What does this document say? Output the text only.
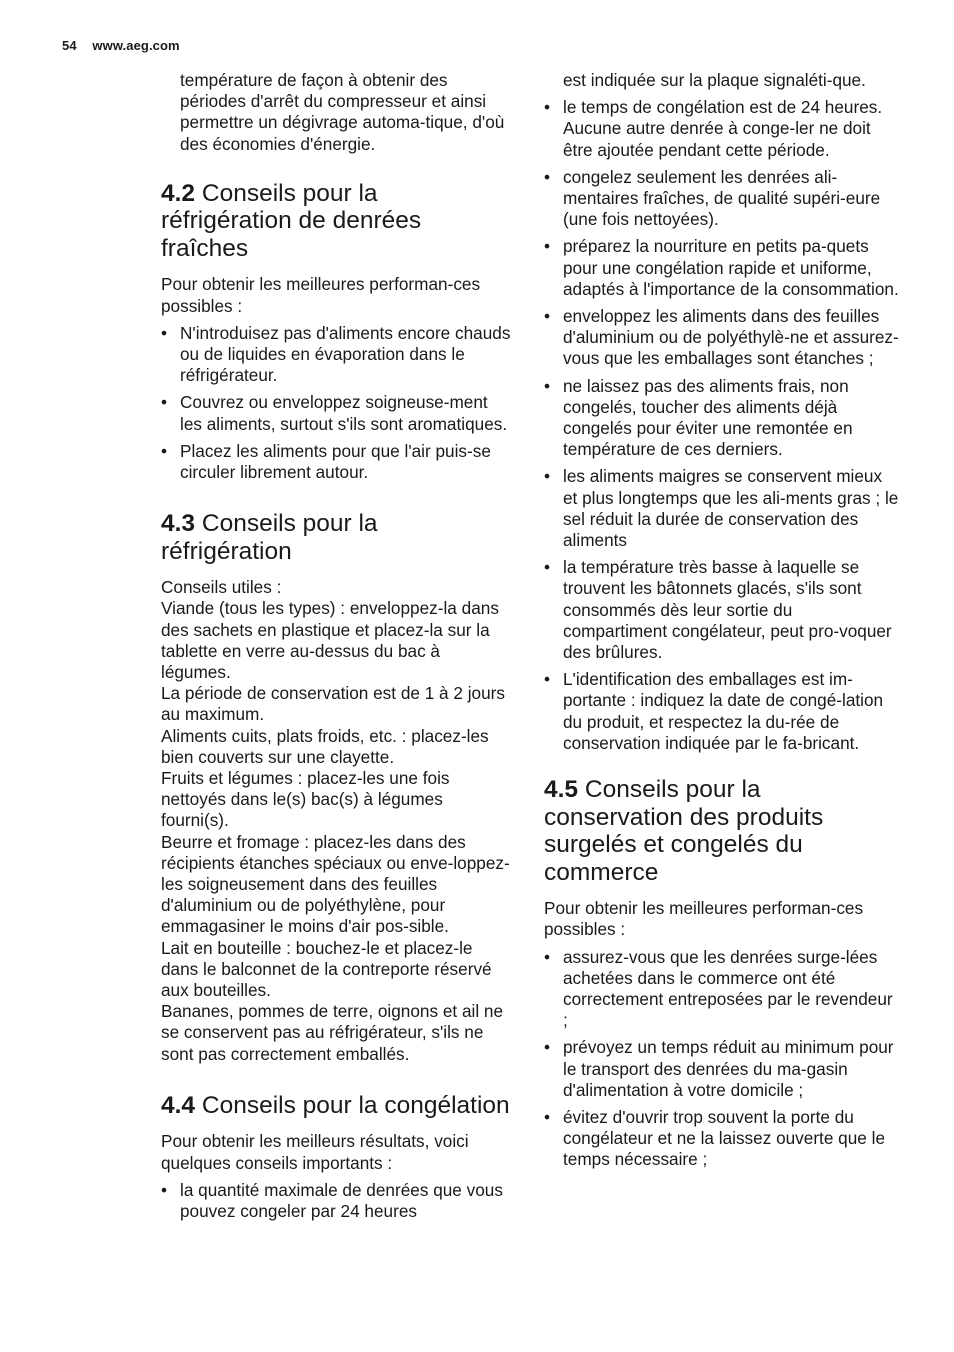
54 www.aeg.com

température de façon à obtenir des périodes d'arrêt du compresseur et ainsi permettre un dégivrage automa-tique, d'où des économies d'énergie.

4.2 Conseils pour la réfrigération de denrées fraîches

Pour obtenir les meilleures performan-ces possibles :

• N'introduisez pas d'aliments encore chauds ou de liquides en évaporation dans le réfrigérateur.
• Couvrez ou enveloppez soigneuse-ment les aliments, surtout s'ils sont aromatiques.
• Placez les aliments pour que l'air puis-se circuler librement autour.
4.3 Conseils pour la réfrigération

Conseils utiles :

Viande (tous les types) : enveloppez-la dans des sachets en plastique et placez-la sur la tablette en verre au-dessus du bac à légumes.

La période de conservation est de 1 à 2 jours au maximum.

Aliments cuits, plats froids, etc. : placez-les bien couverts sur une clayette.

Fruits et légumes : placez-les une fois nettoyés dans le(s) bac(s) à légumes fourni(s).

Beurre et fromage : placez-les dans des récipients étanches spéciaux ou enve-loppez-les soigneusement dans des feuilles d'aluminium ou de polyéthylène, pour emmagasiner le moins d'air pos-sible.

Lait en bouteille : bouchez-le et placez-le dans le balconnet de la contreporte réservé aux bouteilles.

Bananes, pommes de terre, oignons et ail ne se conservent pas au réfrigérateur, s'ils ne sont pas correctement emballés.

4.4 Conseils pour la congélation

Pour obtenir les meilleurs résultats, voici quelques conseils importants :

• la quantité maximale de denrées que vous pouvez congeler par 24 heures

est indiquée sur la plaque signaléti-que.

• le temps de congélation est de 24 heures. Aucune autre denrée à conge-ler ne doit être ajoutée pendant cette période.
• congelez seulement les denrées ali-mentaires fraîches, de qualité supéri-eure (une fois nettoyées).
• préparez la nourriture en petits pa-quets pour une congélation rapide et uniforme, adaptés à l'importance de la consommation.
• enveloppez les aliments dans des feuilles d'aluminium ou de polyéthylè-ne et assurez-vous que les emballages sont étanches ;
• ne laissez pas des aliments frais, non congelés, toucher des aliments déjà congelés pour éviter une remontée en température de ces derniers.
• les aliments maigres se conservent mieux et plus longtemps que les ali-ments gras ; le sel réduit la durée de conservation des aliments
• la température très basse à laquelle se trouvent les bâtonnets glacés, s'ils sont consommés dès leur sortie du compartiment congélateur, peut pro-voquer des brûlures.
• L'identification des emballages est im-portante : indiquez la date de congé-lation du produit, et respectez la du-rée de conservation indiquée par le fa-bricant.
4.5 Conseils pour la conservation des produits surgelés et congelés du commerce

Pour obtenir les meilleures performan-ces possibles :

• assurez-vous que les denrées surge-lées achetées dans le commerce ont été correctement entreposées par le revendeur ;
• prévoyez un temps réduit au minimum pour le transport des denrées du ma-gasin d'alimentation à votre domicile ;
• évitez d'ouvrir trop souvent la porte du congélateur et ne la laissez ouverte que le temps nécessaire ;
